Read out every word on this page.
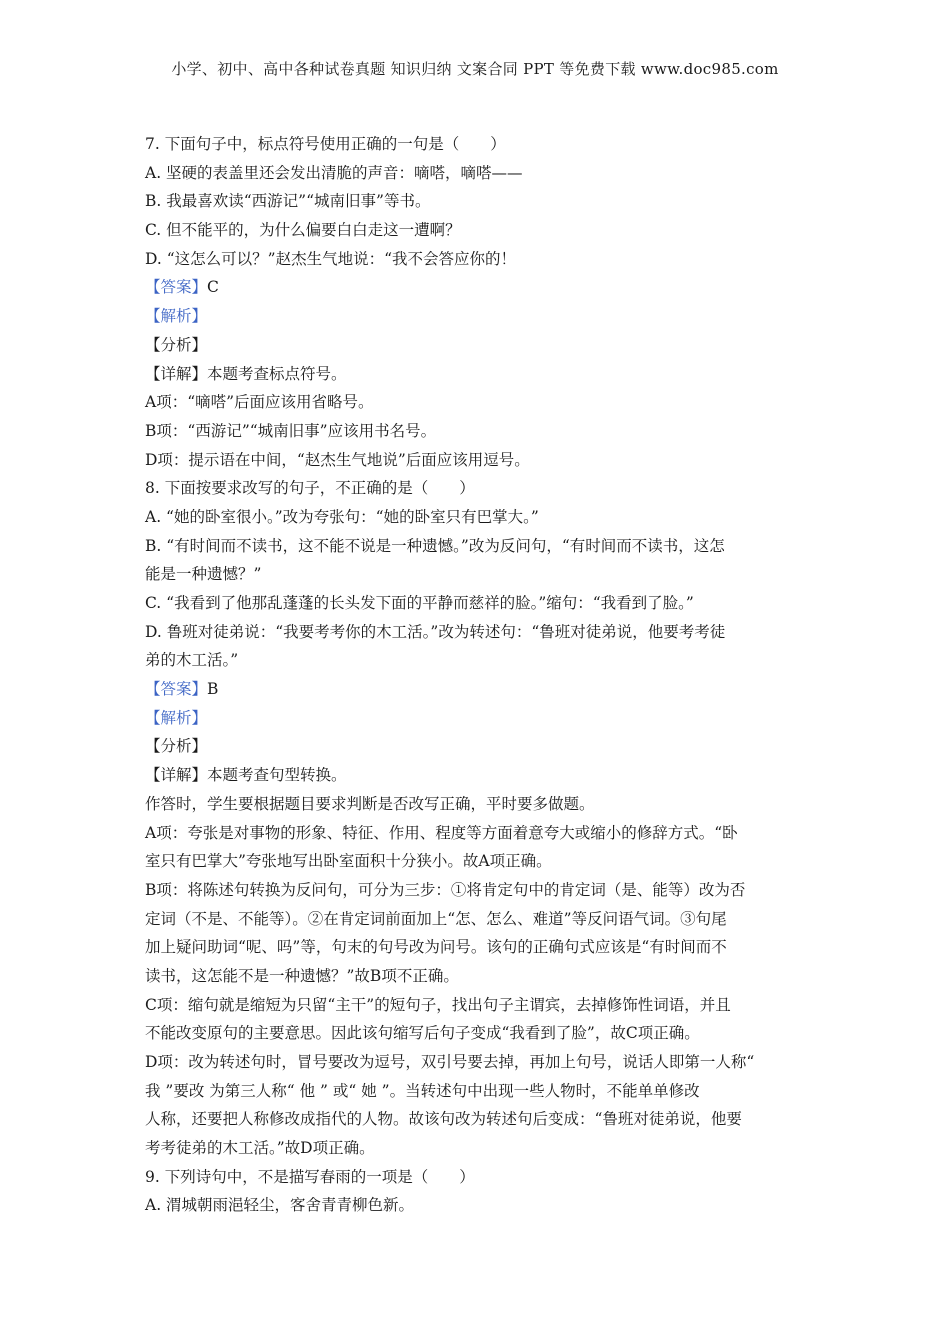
小学、初中、高中各种试卷真题 知识归纳 文案合同 PPT 等免费下载 www.doc985.com
7. 下面句子中，标点符号使用正确的一句是（　　）
A. 坚硬的表盖里还会发出清脆的声音：嘀嗒，嘀嗒——
B. 我最喜欢读“西游记”“城南旧事”等书。
C. 但不能平的，为什么偏要白白走这一遭啊？
D. “这怎么可以？”赵杰生气地说：“我不会答应你的！
【答案】C
【解析】
【分析】
【详解】本题考查标点符号。
A项：“嘀嗒”后面应该用省略号。
B项：“西游记”“城南旧事”应该用书名号。
D项：提示语在中间，“赵杰生气地说”后面应该用逗号。
8. 下面按要求改写的句子，不正确的是（　　）
A. “她的卧室很小。”改为夸张句：“她的卧室只有巴掌大。”
B. “有时间而不读书，这不能不说是一种遗憾。”改为反问句，“有时间而不读书，这怎
能是一种遗憾？”
C. “我看到了他那乱蓬蓬的长头发下面的平静而慈祥的脸。”缩句：“我看到了脸。”
D. 鲁班对徒弟说：“我要考考你的木工活。”改为转述句：“鲁班对徒弟说，他要考考徒
弟的木工活。”
【答案】B
【解析】
【分析】
【详解】本题考查句型转换。
作答时，学生要根据题目要求判断是否改写正确，平时要多做题。
A项：夸张是对事物的形象、特征、作用、程度等方面着意夸大或缩小的修辞方式。“卧
室只有巴掌大”夸张地写出卧室面积十分狭小。故A项正确。
B项：将陈述句转换为反问句，可分为三步：①将肯定句中的肯定词（是、能等）改为否
定词（不是、不能等）。②在肯定词前面加上“怎、怎么、难道”等反问语气词。③句尾
加上疑问助词“呢、吗”等，句末的句号改为问号。该句的正确句式应该是“有时间而不
读书，这怎能不是一种遗憾？”故B项不正确。
C项：缩句就是缩短为只留“主干”的短句子，找出句子主谓宾，去掉修饰性词语，并且
不能改变原句的主要意思。因此该句缩写后句子变成“我看到了脸”，故C项正确。
D项：改为转述句时，冒号要改为逗号，双引号要去掉，再加上句号，说话人即第一人称“
我 ”要改 为第三人称“ 他 ” 或“ 她 ”。当转述句中出现一些人物时，不能单单修改
人称，还要把人称修改成指代的人物。故该句改为转述句后变成：“鲁班对徒弟说，他要
考考徒弟的木工活。”故D项正确。
9. 下列诗句中，不是描写春雨的一项是（　　）
A. 渭城朝雨浥轻尘，客舍青青柳色新。
